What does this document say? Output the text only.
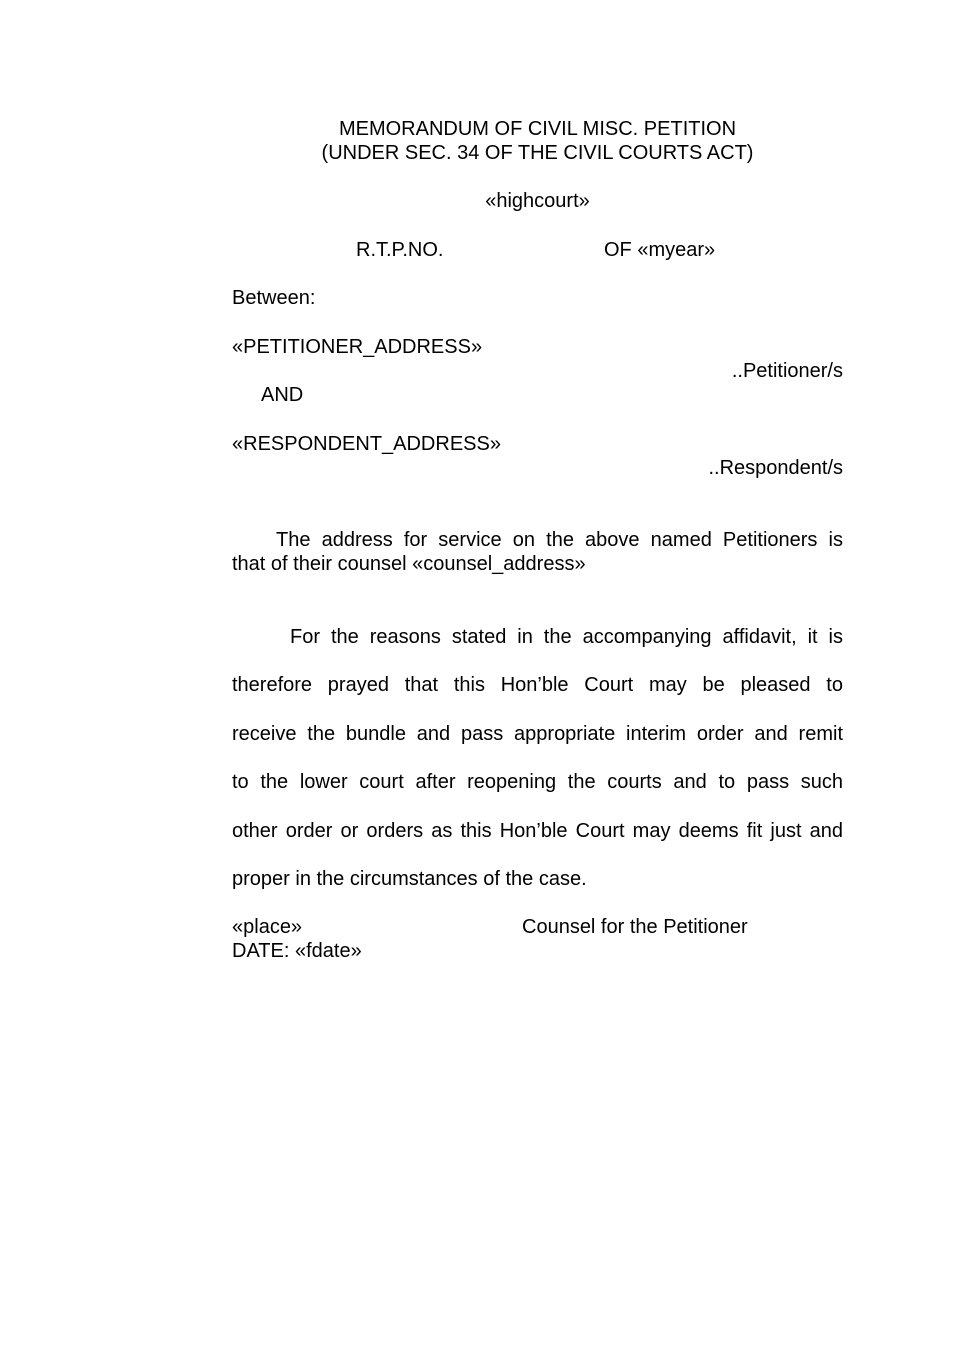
MEMORANDUM OF CIVIL MISC. PETITION
(UNDER SEC. 34 OF THE CIVIL COURTS ACT)
«highcourt»
R.T.P.NO.	OF «myear»
Between:
«PETITIONER_ADDRESS»
..Petitioner/s
AND
«RESPONDENT_ADDRESS»
..Respondent/s
The address for service on the above named Petitioners is
that of their counsel «counsel_address»
For the reasons stated in the accompanying affidavit, it is
therefore prayed that this Hon’ble Court may be pleased to
receive the bundle and pass appropriate interim order and remit
to the lower court after reopening the courts and to pass such
other order or orders as this Hon’ble Court may deems fit just and
proper in the circumstances of the case.
«place»	Counsel for the Petitioner
DATE: «fdate»
